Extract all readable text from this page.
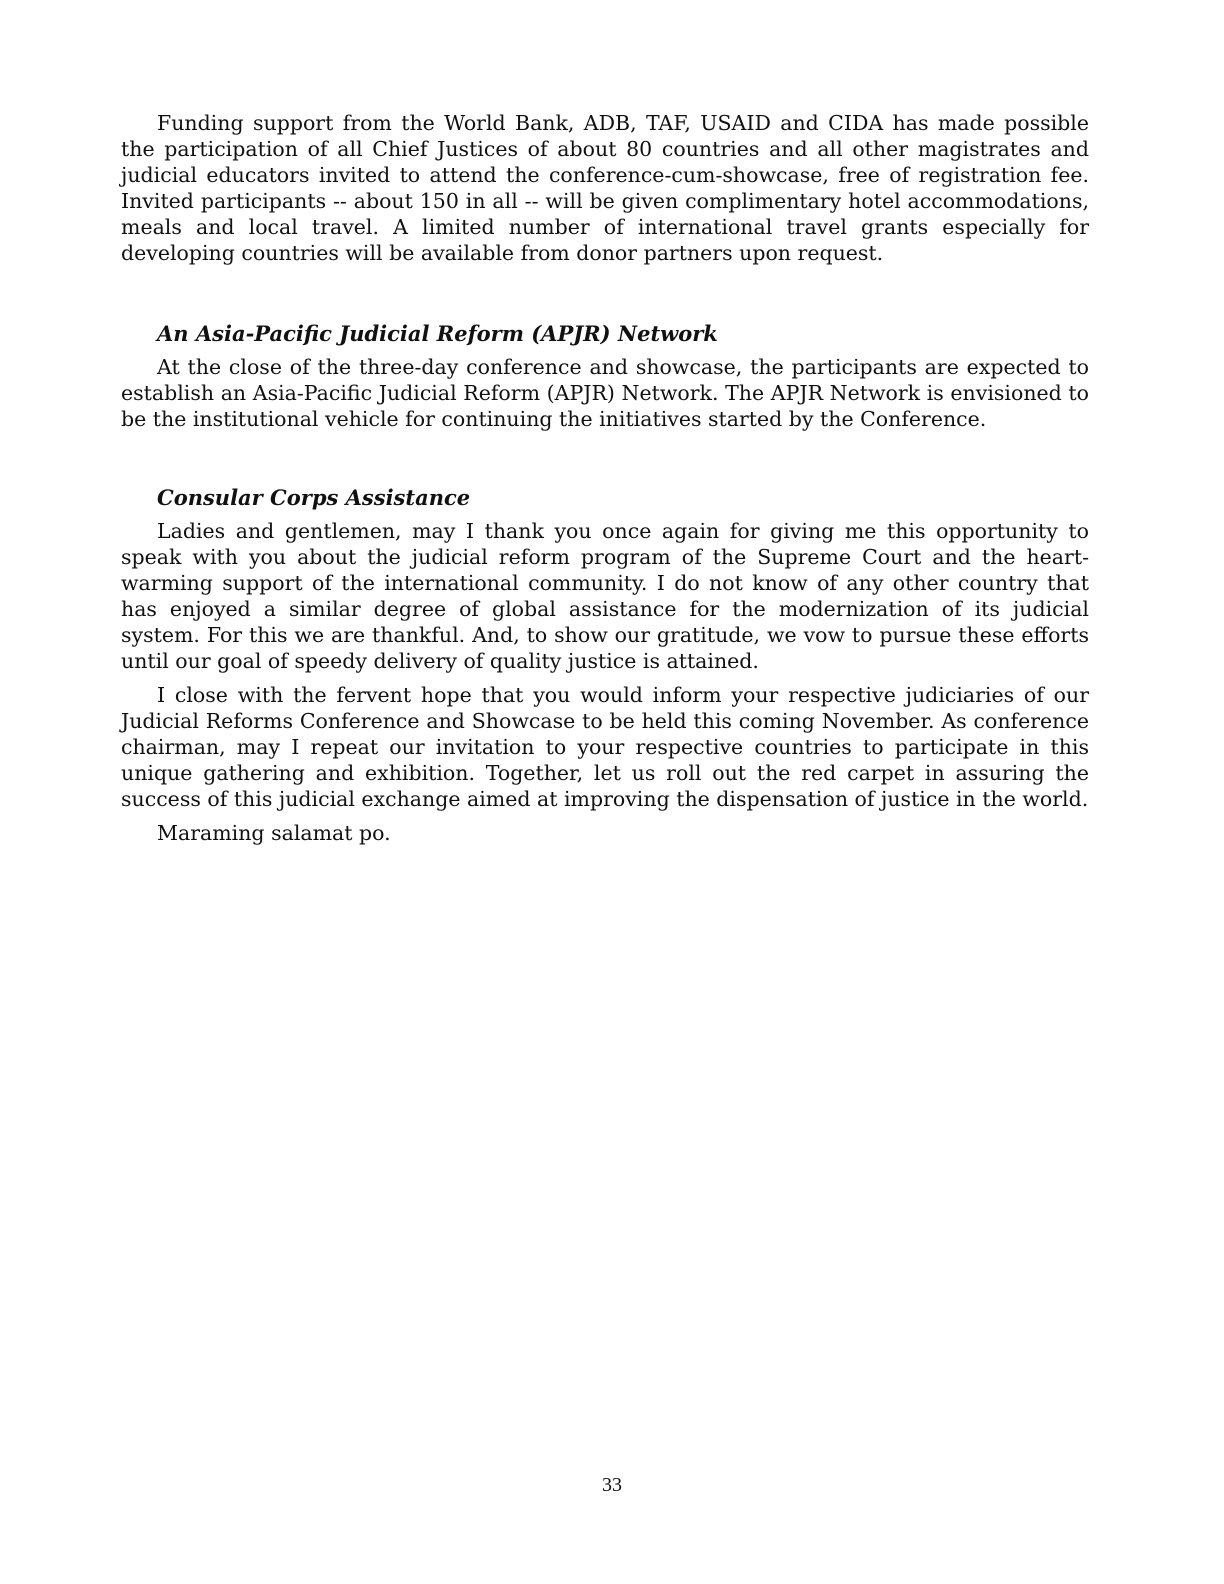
Funding support from the World Bank, ADB, TAF, USAID and CIDA has made possible the participation of all Chief Justices of about 80 countries and all other magistrates and judicial educators invited to attend the conference-cum-showcase, free of registration fee. Invited participants -- about 150 in all -- will be given complimentary hotel accommodations, meals and local travel. A limited number of international travel grants especially for developing countries will be available from donor partners upon request.

An Asia-Pacific Judicial Reform (APJR) Network

At the close of the three-day conference and showcase, the participants are expected to establish an Asia-Pacific Judicial Reform (APJR) Network. The APJR Network is envisioned to be the institutional vehicle for continuing the initiatives started by the Conference.

Consular Corps Assistance

Ladies and gentlemen, may I thank you once again for giving me this opportunity to speak with you about the judicial reform program of the Supreme Court and the heart-warming support of the international community. I do not know of any other country that has enjoyed a similar degree of global assistance for the modernization of its judicial system. For this we are thankful. And, to show our gratitude, we vow to pursue these efforts until our goal of speedy delivery of quality justice is attained.

I close with the fervent hope that you would inform your respective judiciaries of our Judicial Reforms Conference and Showcase to be held this coming November. As conference chairman, may I repeat our invitation to your respective countries to participate in this unique gathering and exhibition. Together, let us roll out the red carpet in assuring the success of this judicial exchange aimed at improving the dispensation of justice in the world.

Maraming salamat po.

33
